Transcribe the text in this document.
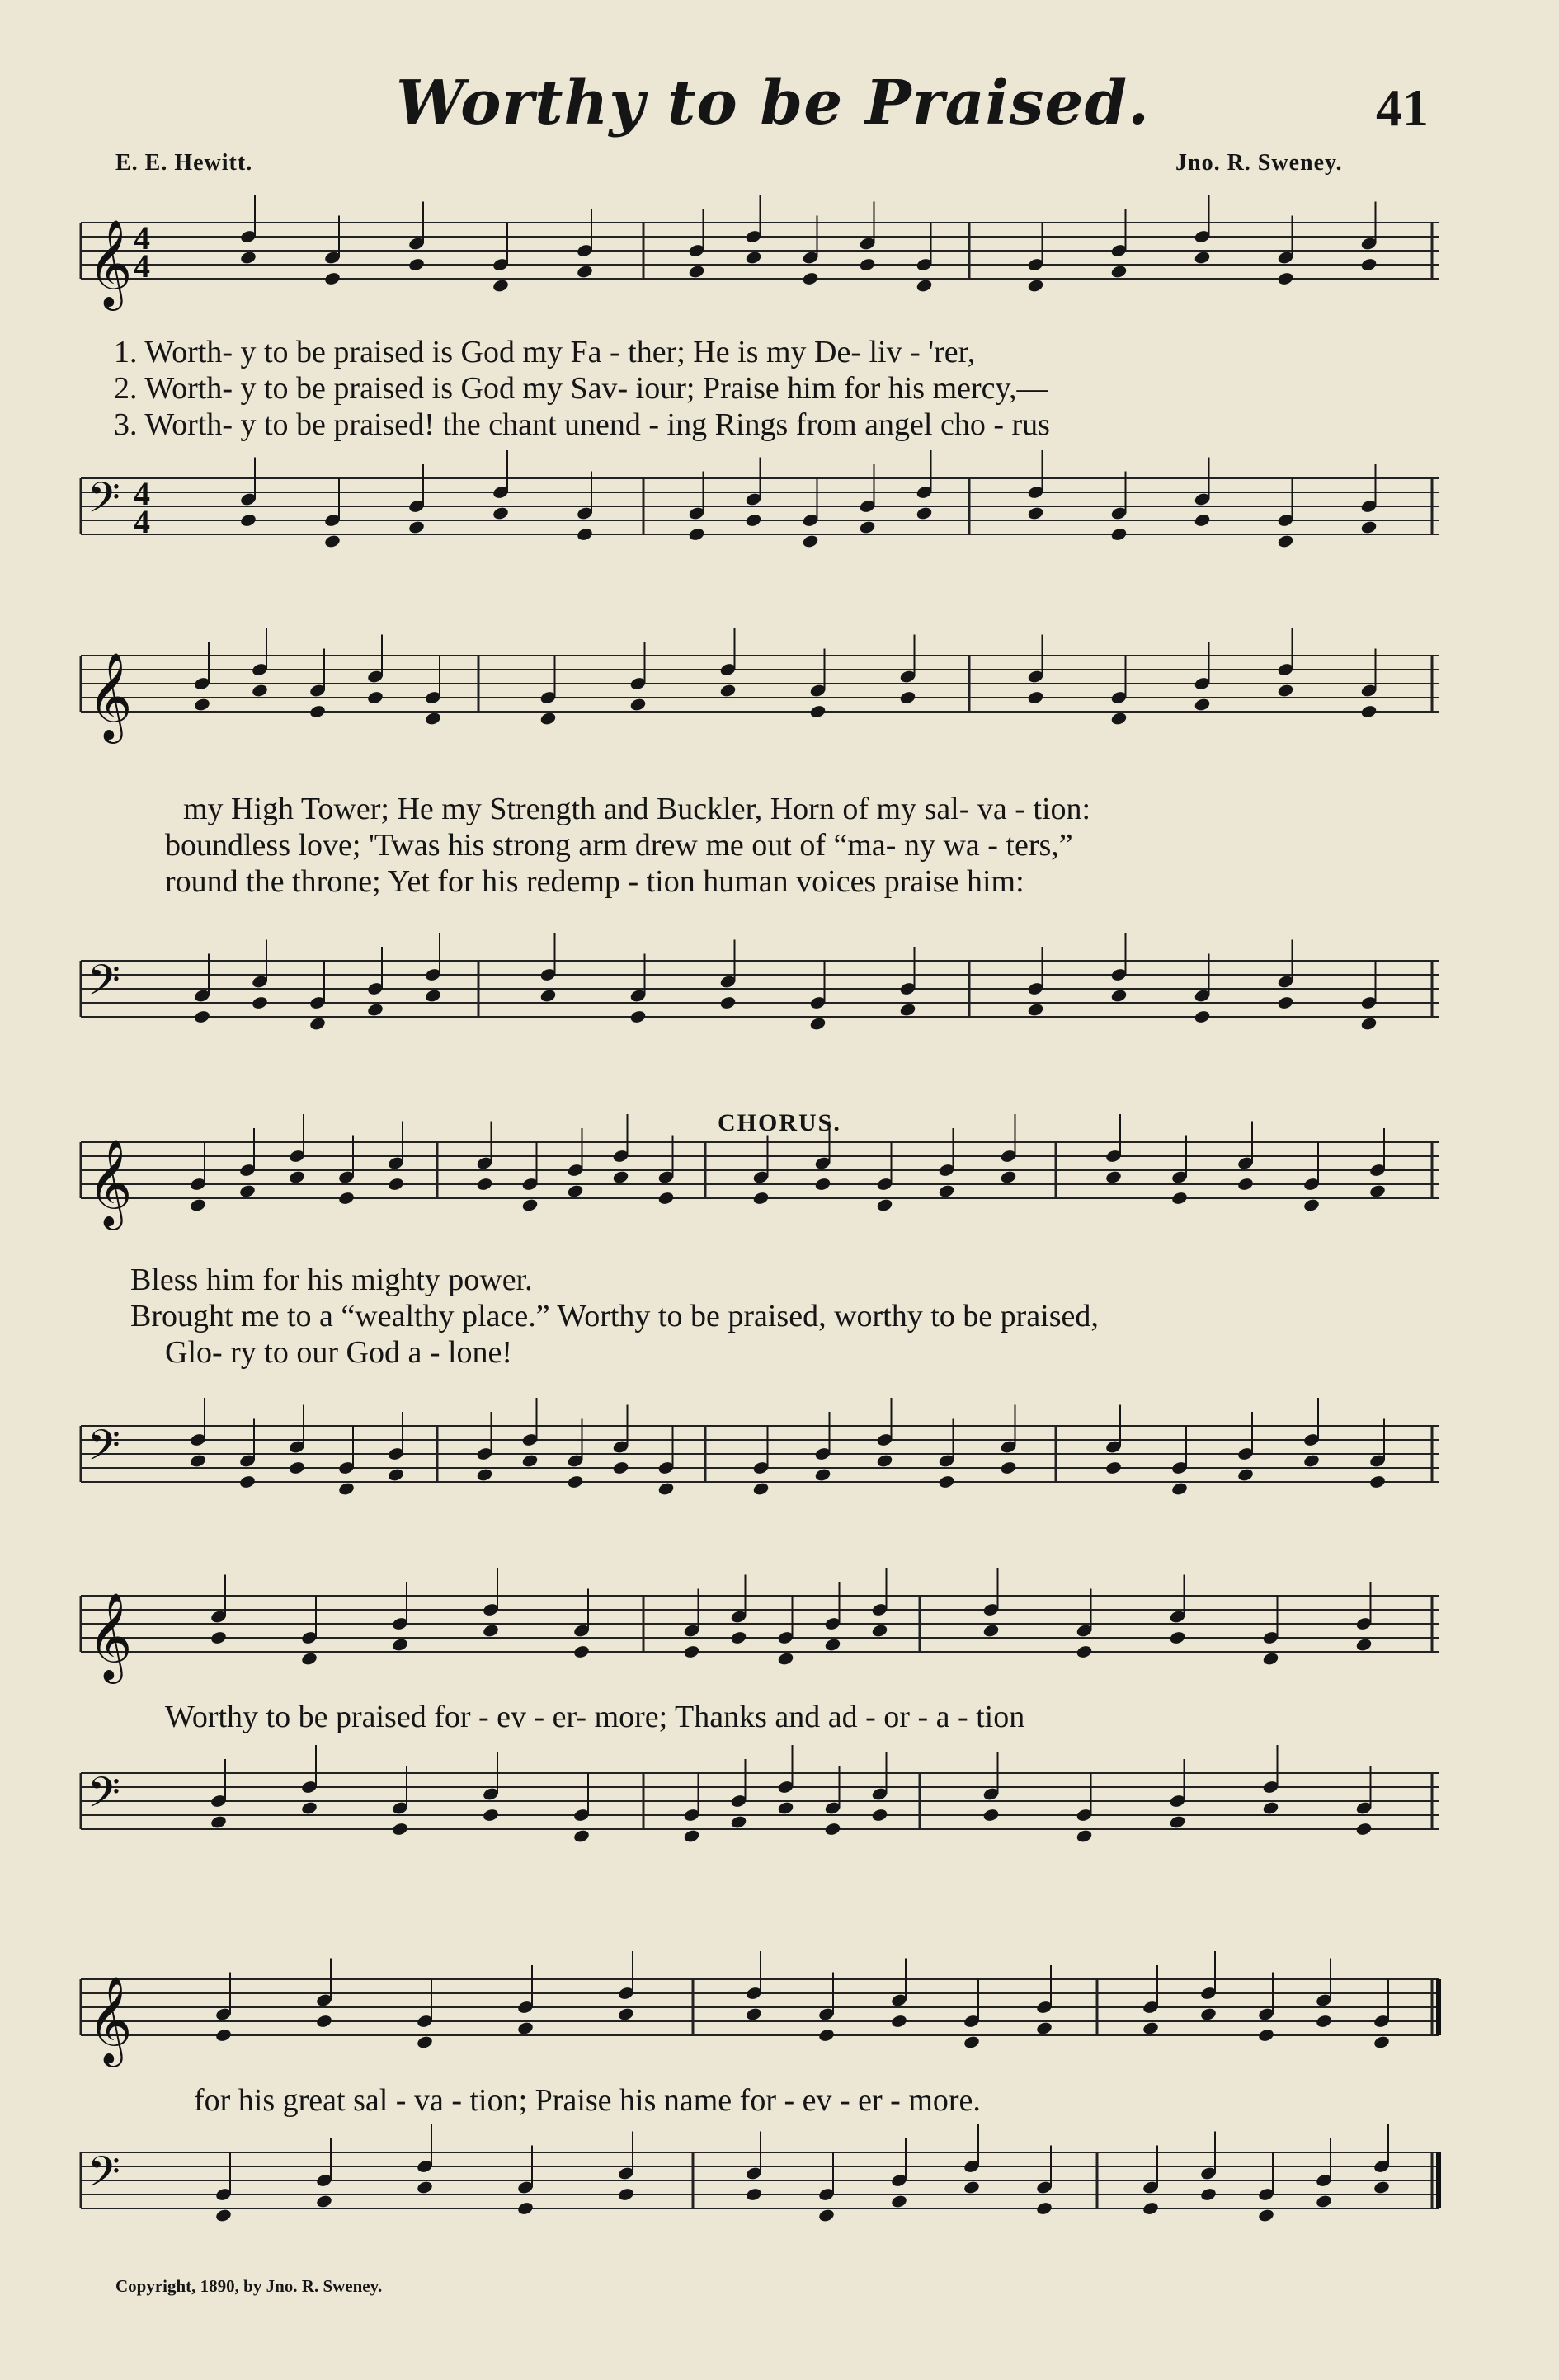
Worthy to be Praised.	41
E. E. Hewitt.	Jno. R. Sweney.
𝄞 4
4
𝄢 4
4
1. Worth- y to be praised is God my Fa - ther; He is my De- liv - 'rer,
2. Worth- y to be praised is God my Sav- iour; Praise him for his mercy,—
3. Worth- y to be praised! the chant unend - ing Rings from angel cho - rus
𝄞
𝄢
my High Tower; He my Strength and Buckler, Horn of my sal- va - tion:
boundless love; 'Twas his strong arm drew me out of “ma- ny wa - ters,”
round the throne; Yet for his redemp - tion human voices praise him:
CHORUS.
𝄞
𝄢
Bless him for his mighty power.
Brought me to a “wealthy place.” Worthy to be praised, worthy to be praised,
Glo- ry to our God a - lone!
𝄞
𝄢
Worthy to be praised for - ev - er- more; Thanks and ad - or - a - tion
𝄞
𝄢
for his great sal - va - tion; Praise his name for - ev - er - more.
Copyright, 1890, by Jno. R. Sweney.
